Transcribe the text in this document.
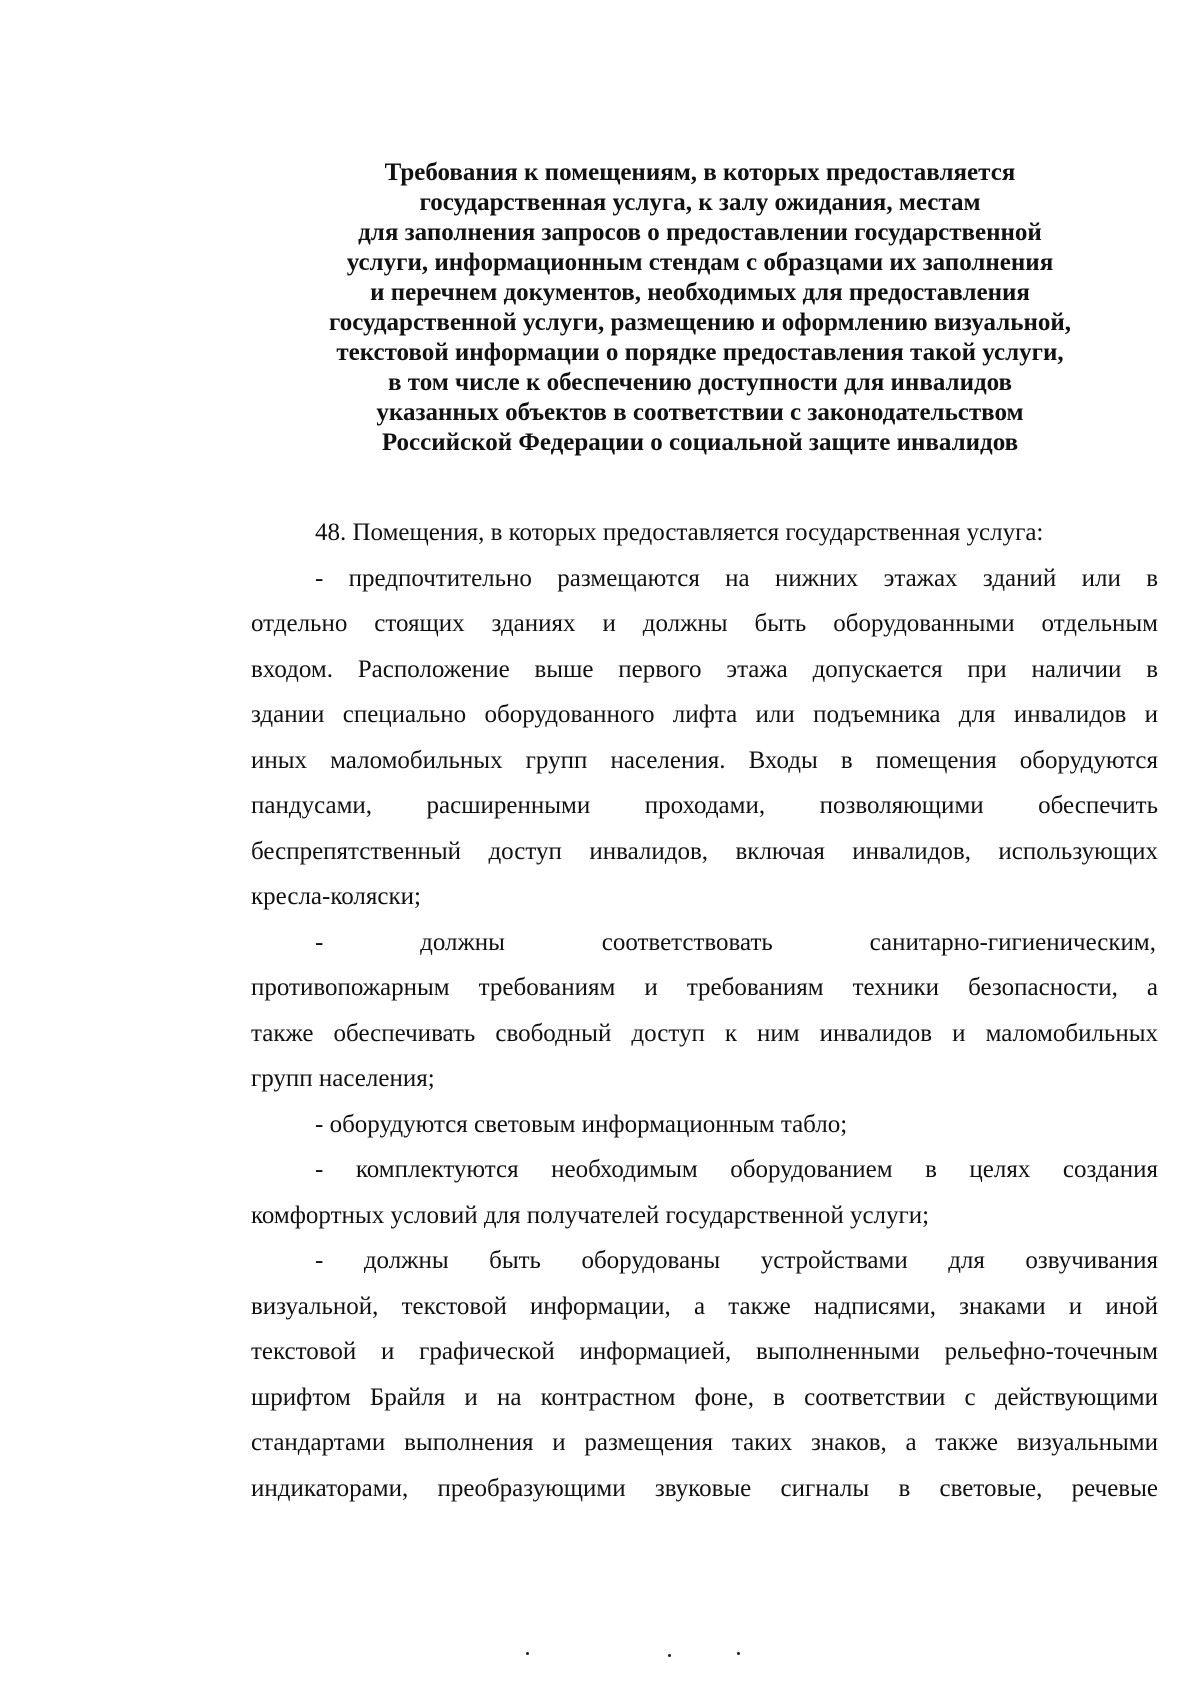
Требования к помещениям, в которых предоставляется
государственная услуга, к залу ожидания, местам
для заполнения запросов о предоставлении государственной
услуги, информационным стендам с образцами их заполнения
и перечнем документов, необходимых для предоставления
государственной услуги, размещению и оформлению визуальной,
текстовой информации о порядке предоставления такой услуги,
в том числе к обеспечению доступности для инвалидов
указанных объектов в соответствии с законодательством
Российской Федерации о социальной защите инвалидов

48. Помещения, в которых предоставляется государственная услуга:

- предпочтительно размещаются на нижних этажах зданий или в
отдельно стоящих зданиях и должны быть оборудованными отдельным
входом. Расположение выше первого этажа допускается при наличии в
здании специально оборудованного лифта или подъемника для инвалидов и
иных маломобильных групп населения. Входы в помещения оборудуются
пандусами, расширенными проходами, позволяющими обеспечить
беспрепятственный доступ инвалидов, включая инвалидов, использующих
кресла-коляски;
-	должны	соответствовать	санитарно-гигиеническим,
противопожарным требованиям и требованиям техники безопасности, а
также обеспечивать свободный доступ к ним инвалидов и маломобильных
групп населения;
- оборудуются световым информационным табло;
- комплектуются необходимым оборудованием в целях создания
комфортных условий для получателей государственной услуги;
- должны быть оборудованы устройствами для озвучивания
визуальной, текстовой информации, а также надписями, знаками и иной
текстовой и графической информацией, выполненными рельефно-точечным
шрифтом Брайля и на контрастном фоне, в соответствии с действующими
стандартами выполнения и размещения таких знаков, а также визуальными
индикаторами, преобразующими звуковые сигналы в световые, речевые
